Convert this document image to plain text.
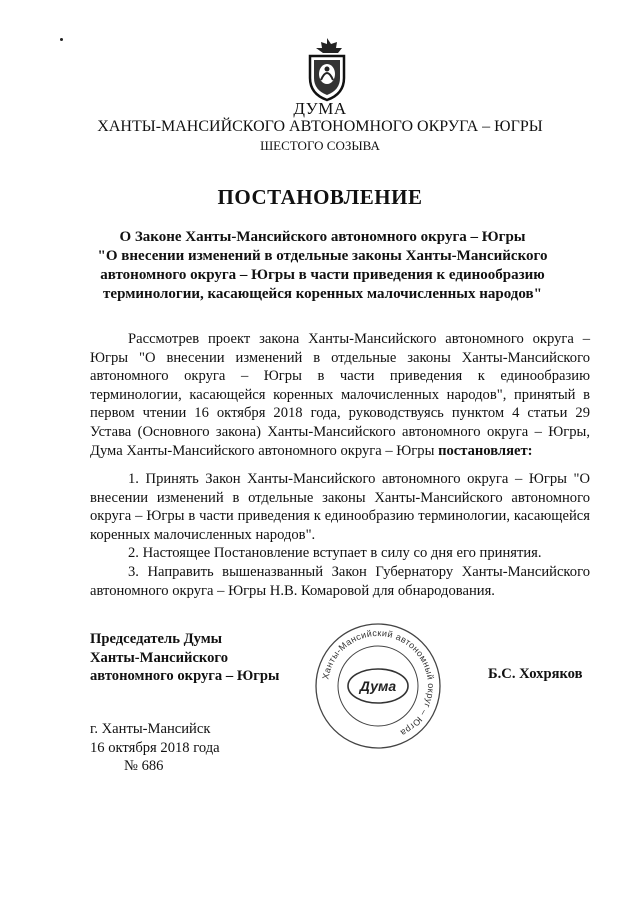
ДУМА
ХАНТЫ-МАНСИЙСКОГО АВТОНОМНОГО ОКРУГА – ЮГРЫ
ШЕСТОГО СОЗЫВА
ПОСТАНОВЛЕНИЕ
О Законе Ханты-Мансийского автономного округа – Югры
"О внесении изменений в отдельные законы Ханты-Мансийского
автономного округа – Югры в части приведения к единообразию
терминологии, касающейся коренных малочисленных народов"

Рассмотрев проект закона Ханты-Мансийского автономного округа – Югры "О внесении изменений в отдельные законы Ханты-Мансийского автономного округа – Югры в части приведения к единообразию терминологии, касающейся коренных малочисленных народов", принятый в первом чтении 16 октября 2018 года, руководствуясь пунктом 4 статьи 29 Устава (Основного закона) Ханты-Мансийского автономного округа – Югры, Дума Ханты-Мансийского автономного округа – Югры постановляет:

1. Принять Закон Ханты-Мансийского автономного округа – Югры "О внесении изменений в отдельные законы Ханты-Мансийского автономного округа – Югры в части приведения к единообразию терминологии, касающейся коренных малочисленных народов".

2. Настоящее Постановление вступает в силу со дня его принятия.

3. Направить вышеназванный Закон Губернатору Ханты-Мансийского автономного округа – Югры Н.В. Комаровой для обнародования.

Председатель Думы
Ханты-Мансийского
автономного округа – Югры	Ханты-Мансийский автономный округ – Югра
Дума
Б.С. Хохряков
г. Ханты-Мансийск
16 октября 2018 года
№ 686
